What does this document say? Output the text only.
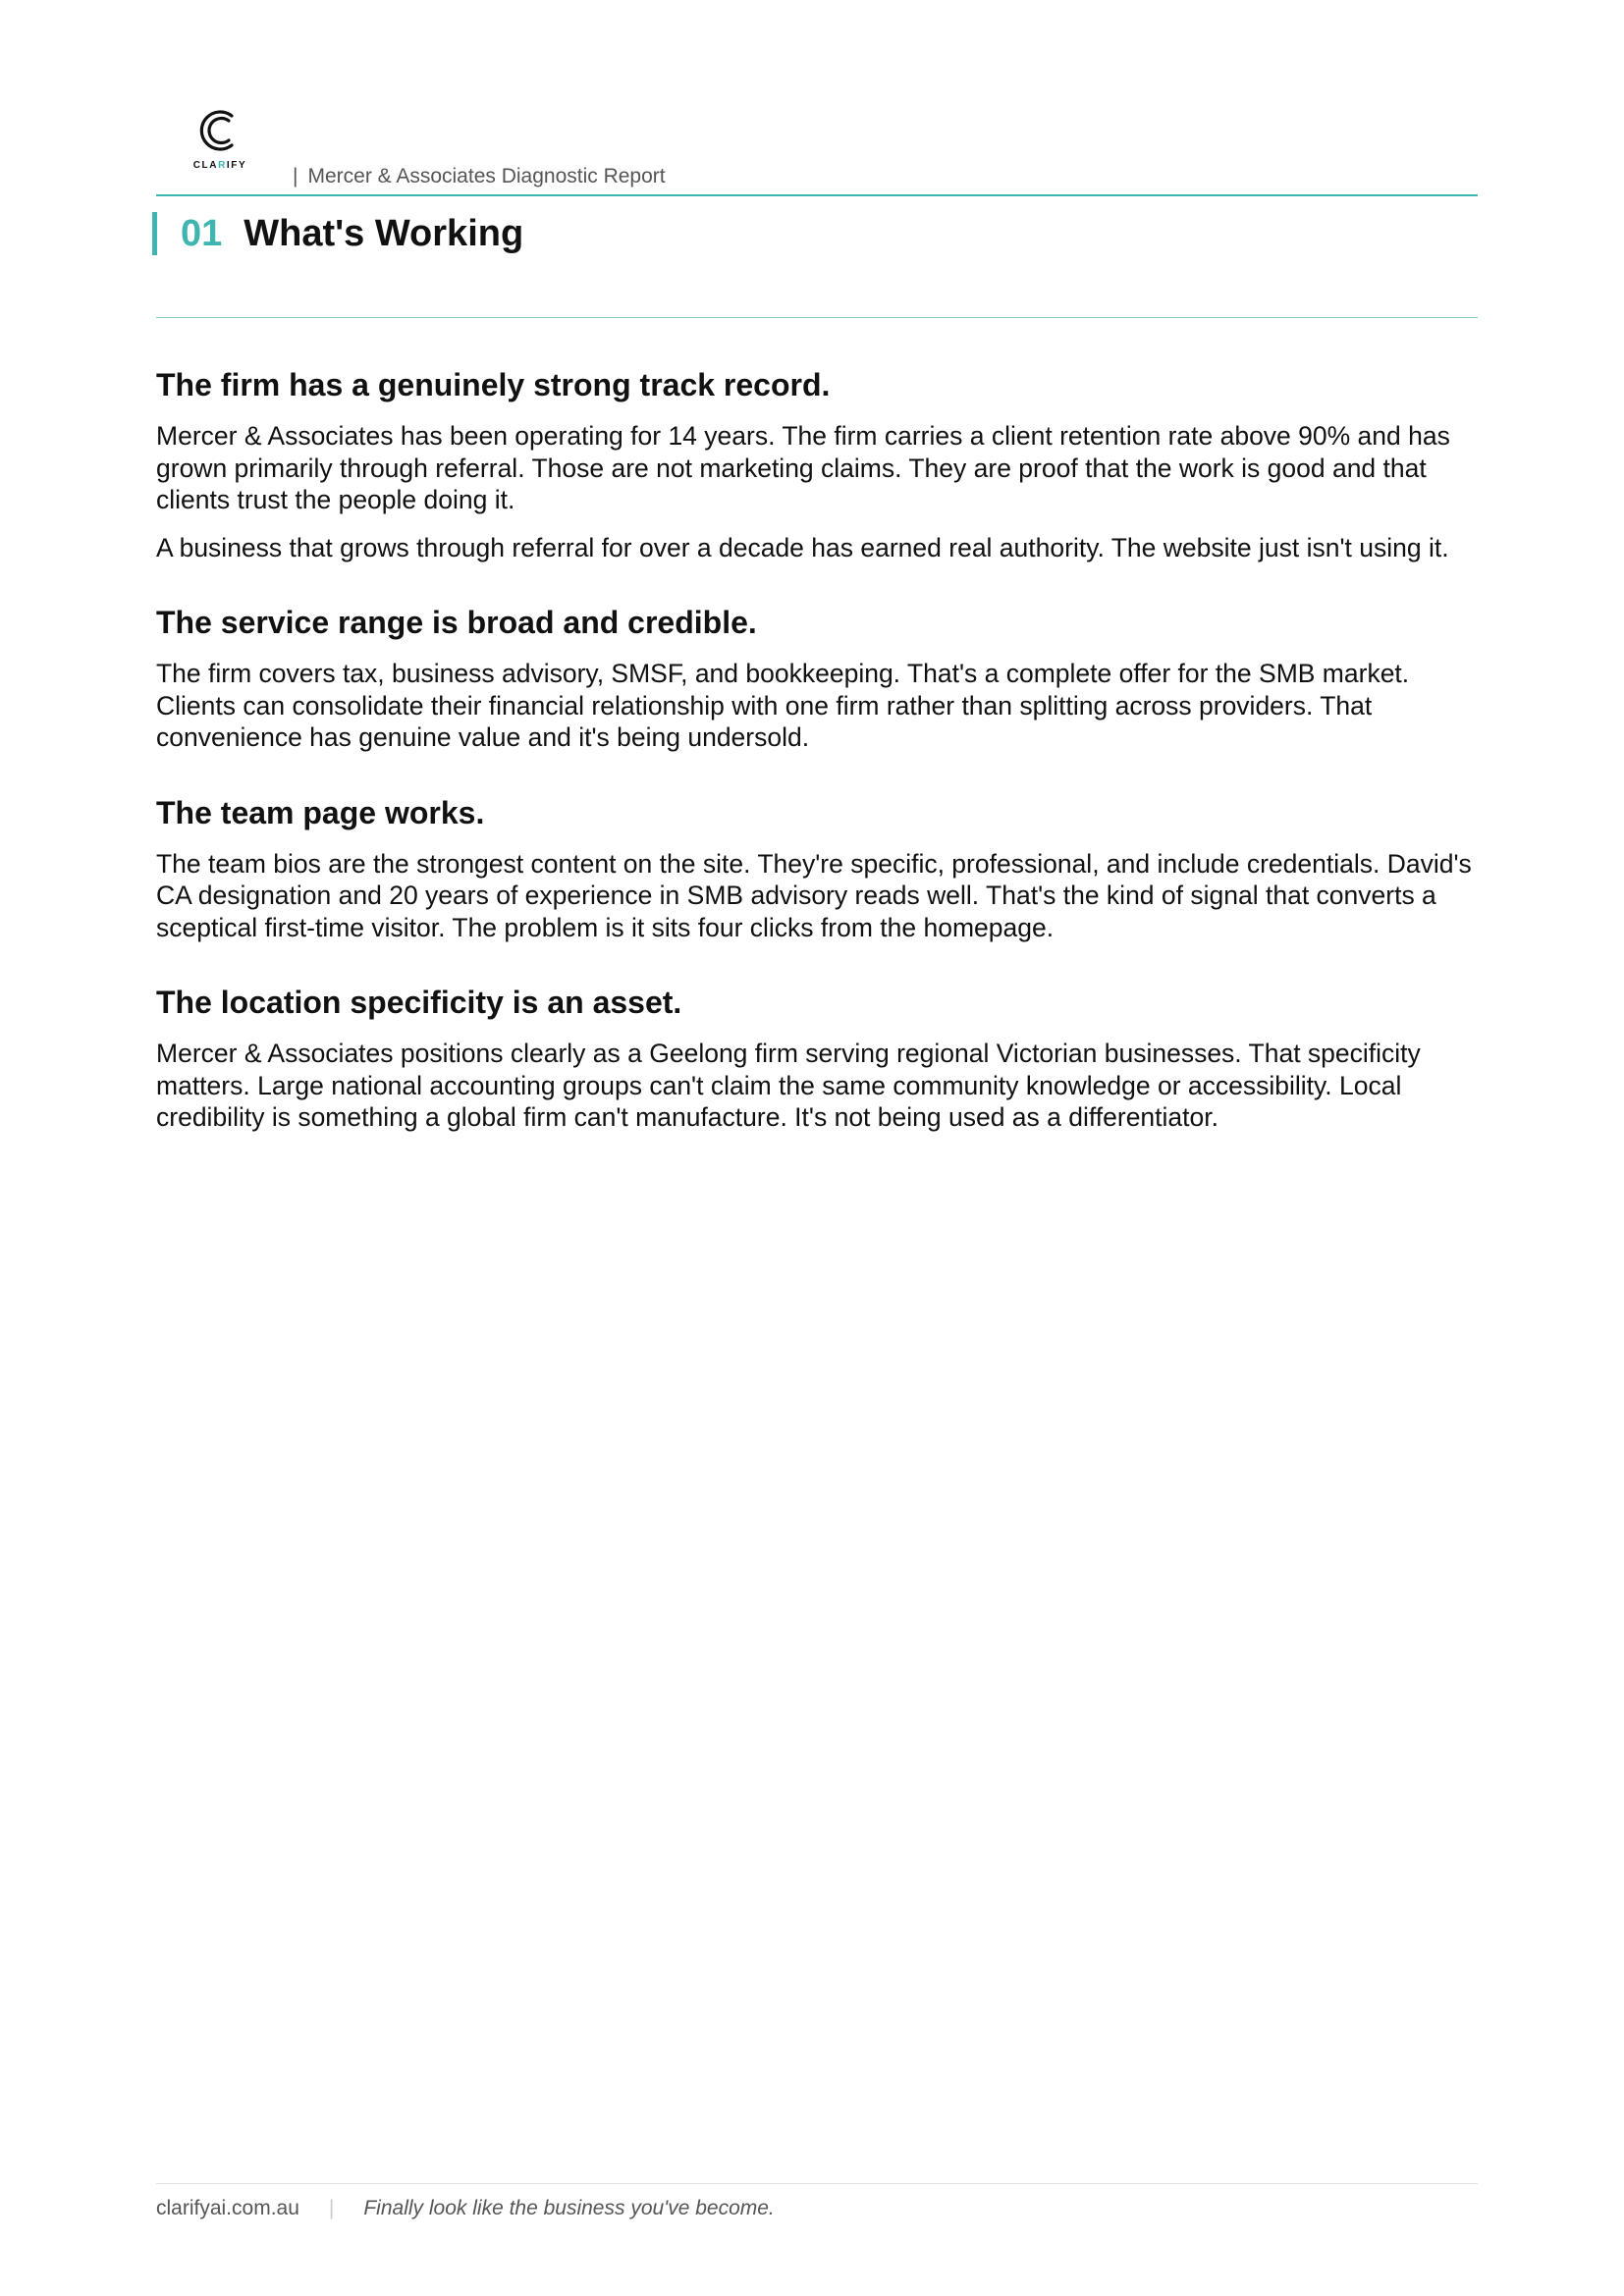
CLARIFY	| Mercer & Associates Diagnostic Report
01 What's Working
The firm has a genuinely strong track record.

Mercer & Associates has been operating for 14 years. The firm carries a client retention rate above 90% and has grown primarily through referral. Those are not marketing claims. They are proof that the work is good and that clients trust the people doing it.

A business that grows through referral for over a decade has earned real authority. The website just isn't using it.

The service range is broad and credible.

The firm covers tax, business advisory, SMSF, and bookkeeping. That's a complete offer for the SMB market. Clients can consolidate their financial relationship with one firm rather than splitting across providers. That convenience has genuine value and it's being undersold.

The team page works.

The team bios are the strongest content on the site. They're specific, professional, and include credentials. David's CA designation and 20 years of experience in SMB advisory reads well. That's the kind of signal that converts a sceptical first-time visitor. The problem is it sits four clicks from the homepage.

The location specificity is an asset.

Mercer & Associates positions clearly as a Geelong firm serving regional Victorian businesses. That specificity matters. Large national accounting groups can't claim the same community knowledge or accessibility. Local credibility is something a global firm can't manufacture. It's not being used as a differentiator.

clarifyai.com.au | Finally look like the business you've become.
